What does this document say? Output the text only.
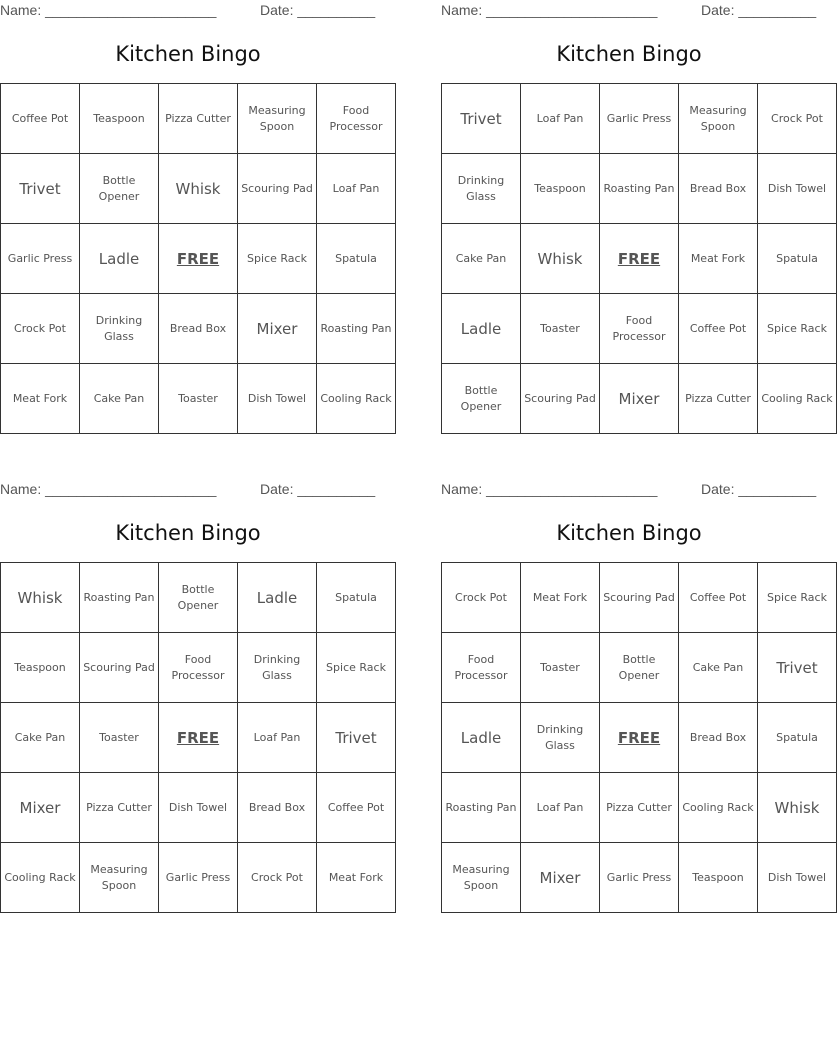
Name: ______________________	Date: __________
Kitchen Bingo
Coffee Pot	Teaspoon	Pizza Cutter	Measuring Spoon	Food Processor
Trivet	Bottle Opener	Whisk	Scouring Pad	Loaf Pan
Garlic Press	Ladle	FREE	Spice Rack	Spatula
Crock Pot	Drinking Glass	Bread Box	Mixer	Roasting Pan
Meat Fork	Cake Pan	Toaster	Dish Towel	Cooling Rack
Name: ______________________	Date: __________
Kitchen Bingo
Trivet	Loaf Pan	Garlic Press	Measuring Spoon	Crock Pot
Drinking Glass	Teaspoon	Roasting Pan	Bread Box	Dish Towel
Cake Pan	Whisk	FREE	Meat Fork	Spatula
Ladle	Toaster	Food Processor	Coffee Pot	Spice Rack
Bottle Opener	Scouring Pad	Mixer	Pizza Cutter	Cooling Rack
Name: ______________________	Date: __________
Kitchen Bingo
Whisk	Roasting Pan	Bottle Opener	Ladle	Spatula
Teaspoon	Scouring Pad	Food Processor	Drinking Glass	Spice Rack
Cake Pan	Toaster	FREE	Loaf Pan	Trivet
Mixer	Pizza Cutter	Dish Towel	Bread Box	Coffee Pot
Cooling Rack	Measuring Spoon	Garlic Press	Crock Pot	Meat Fork
Name: ______________________	Date: __________
Kitchen Bingo
Crock Pot	Meat Fork	Scouring Pad	Coffee Pot	Spice Rack
Food Processor	Toaster	Bottle Opener	Cake Pan	Trivet
Ladle	Drinking Glass	FREE	Bread Box	Spatula
Roasting Pan	Loaf Pan	Pizza Cutter	Cooling Rack	Whisk
Measuring Spoon	Mixer	Garlic Press	Teaspoon	Dish Towel
